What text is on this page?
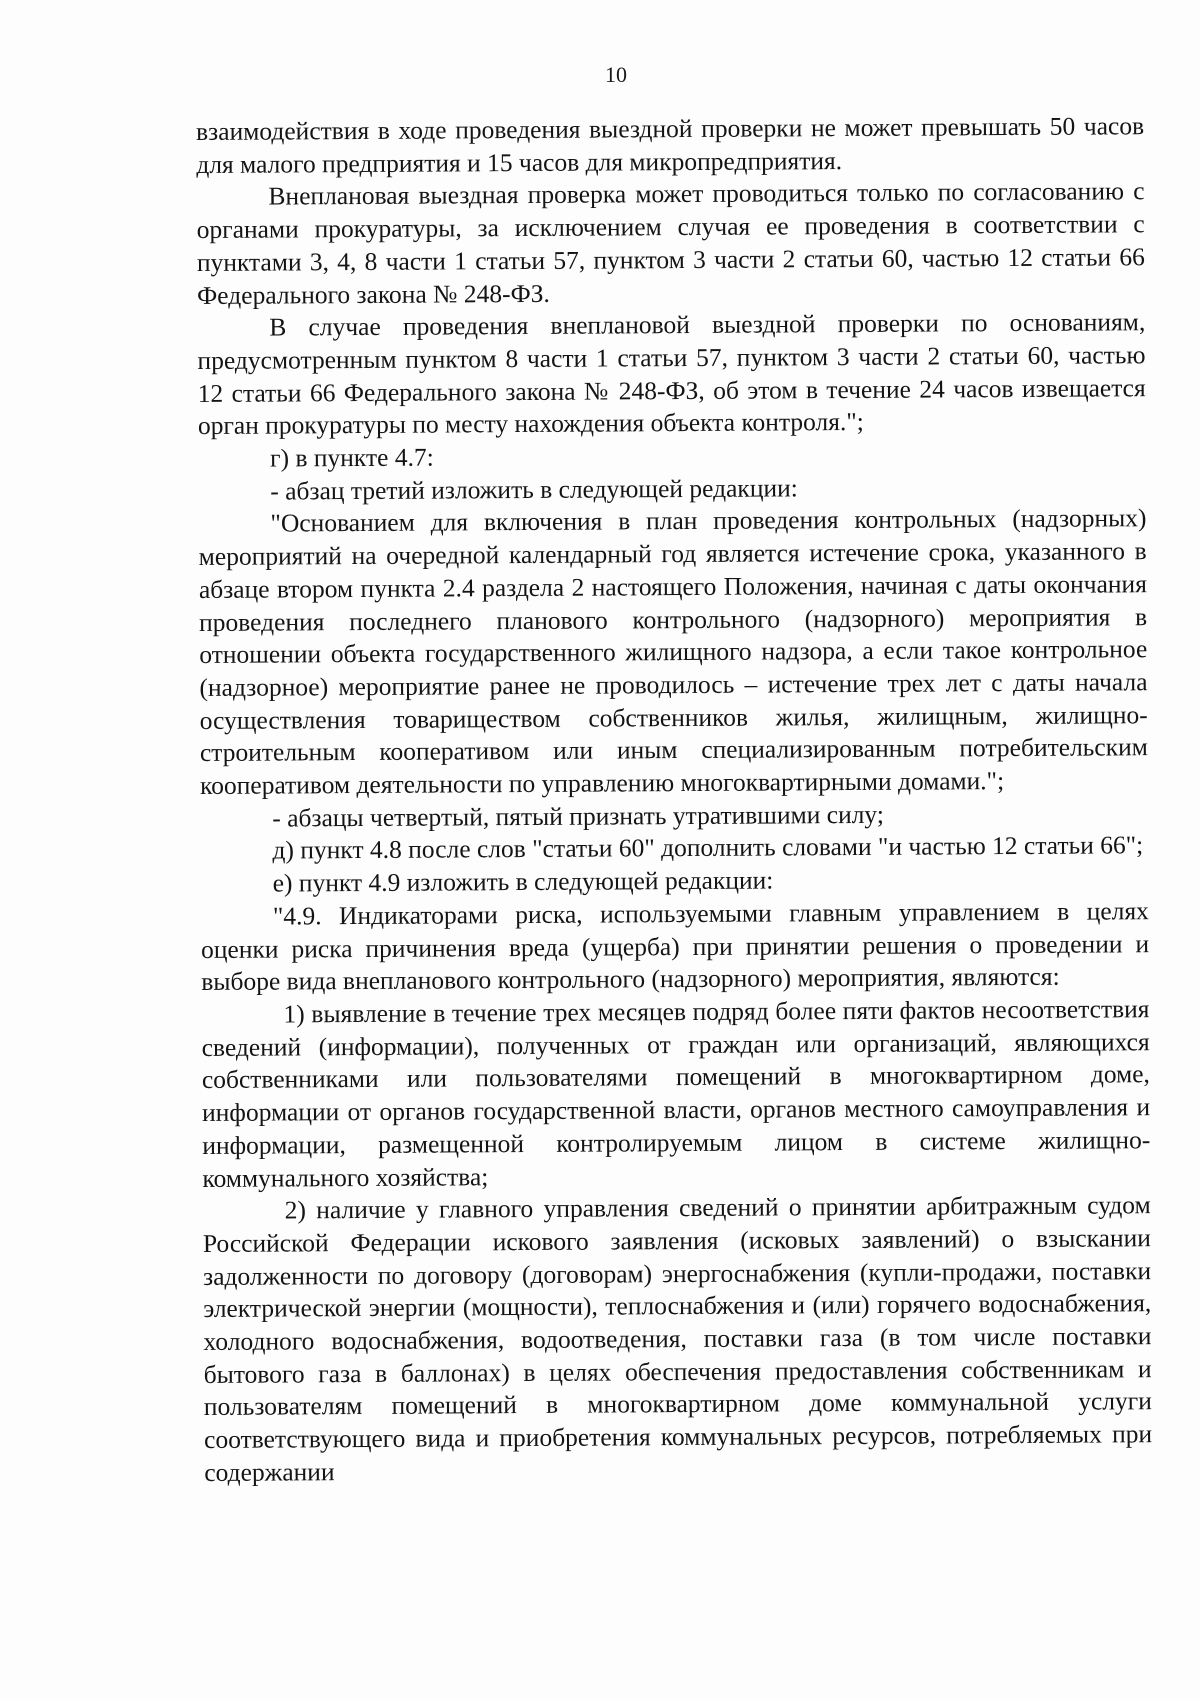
10

взаимодействия в ходе проведения выездной проверки не может превышать 50 часов для малого предприятия и 15 часов для микропредприятия.

Внеплановая выездная проверка может проводиться только по согласованию с органами прокуратуры, за исключением случая ее проведения в соответствии с пунктами 3, 4, 8 части 1 статьи 57, пунктом 3 части 2 статьи 60, частью 12 статьи 66 Федерального закона № 248-ФЗ.

В случае проведения внеплановой выездной проверки по основаниям, предусмотренным пунктом 8 части 1 статьи 57, пунктом 3 части 2 статьи 60, частью 12 статьи 66 Федерального закона № 248-ФЗ, об этом в течение 24 часов извещается орган прокуратуры по месту нахождения объекта контроля.";

г) в пункте 4.7:

- абзац третий изложить в следующей редакции:

"Основанием для включения в план проведения контрольных (надзорных) мероприятий на очередной календарный год является истечение срока, указанного в абзаце втором пункта 2.4 раздела 2 настоящего Положения, начиная с даты окончания проведения последнего планового контрольного (надзорного) мероприятия в отношении объекта государственного жилищного надзора, а если такое контрольное (надзорное) мероприятие ранее не проводилось – истечение трех лет с даты начала осуществления товариществом собственников жилья, жилищным, жилищно-строительным кооперативом или иным специализированным потребительским кооперативом деятельности по управлению многоквартирными домами.";

- абзацы четвертый, пятый признать утратившими силу;

д) пункт 4.8 после слов "статьи 60" дополнить словами "и частью 12 статьи 66";

е) пункт 4.9 изложить в следующей редакции:

"4.9. Индикаторами риска, используемыми главным управлением в целях оценки риска причинения вреда (ущерба) при принятии решения о проведении и выборе вида внепланового контрольного (надзорного) мероприятия, являются:

1) выявление в течение трех месяцев подряд более пяти фактов несоответствия сведений (информации), полученных от граждан или организаций, являющихся собственниками или пользователями помещений в многоквартирном доме, информации от органов государственной власти, органов местного самоуправления и информации, размещенной контролируемым лицом в системе жилищно-коммунального хозяйства;

2) наличие у главного управления сведений о принятии арбитражным судом Российской Федерации искового заявления (исковых заявлений) о взыскании задолженности по договору (договорам) энергоснабжения (купли-продажи, поставки электрической энергии (мощности), теплоснабжения и (или) горячего водоснабжения, холодного водоснабжения, водоотведения, поставки газа (в том числе поставки бытового газа в баллонах) в целях обеспечения предоставления собственникам и пользователям помещений в многоквартирном доме коммунальной услуги соответствующего вида и приобретения коммунальных ресурсов, потребляемых при содержании
